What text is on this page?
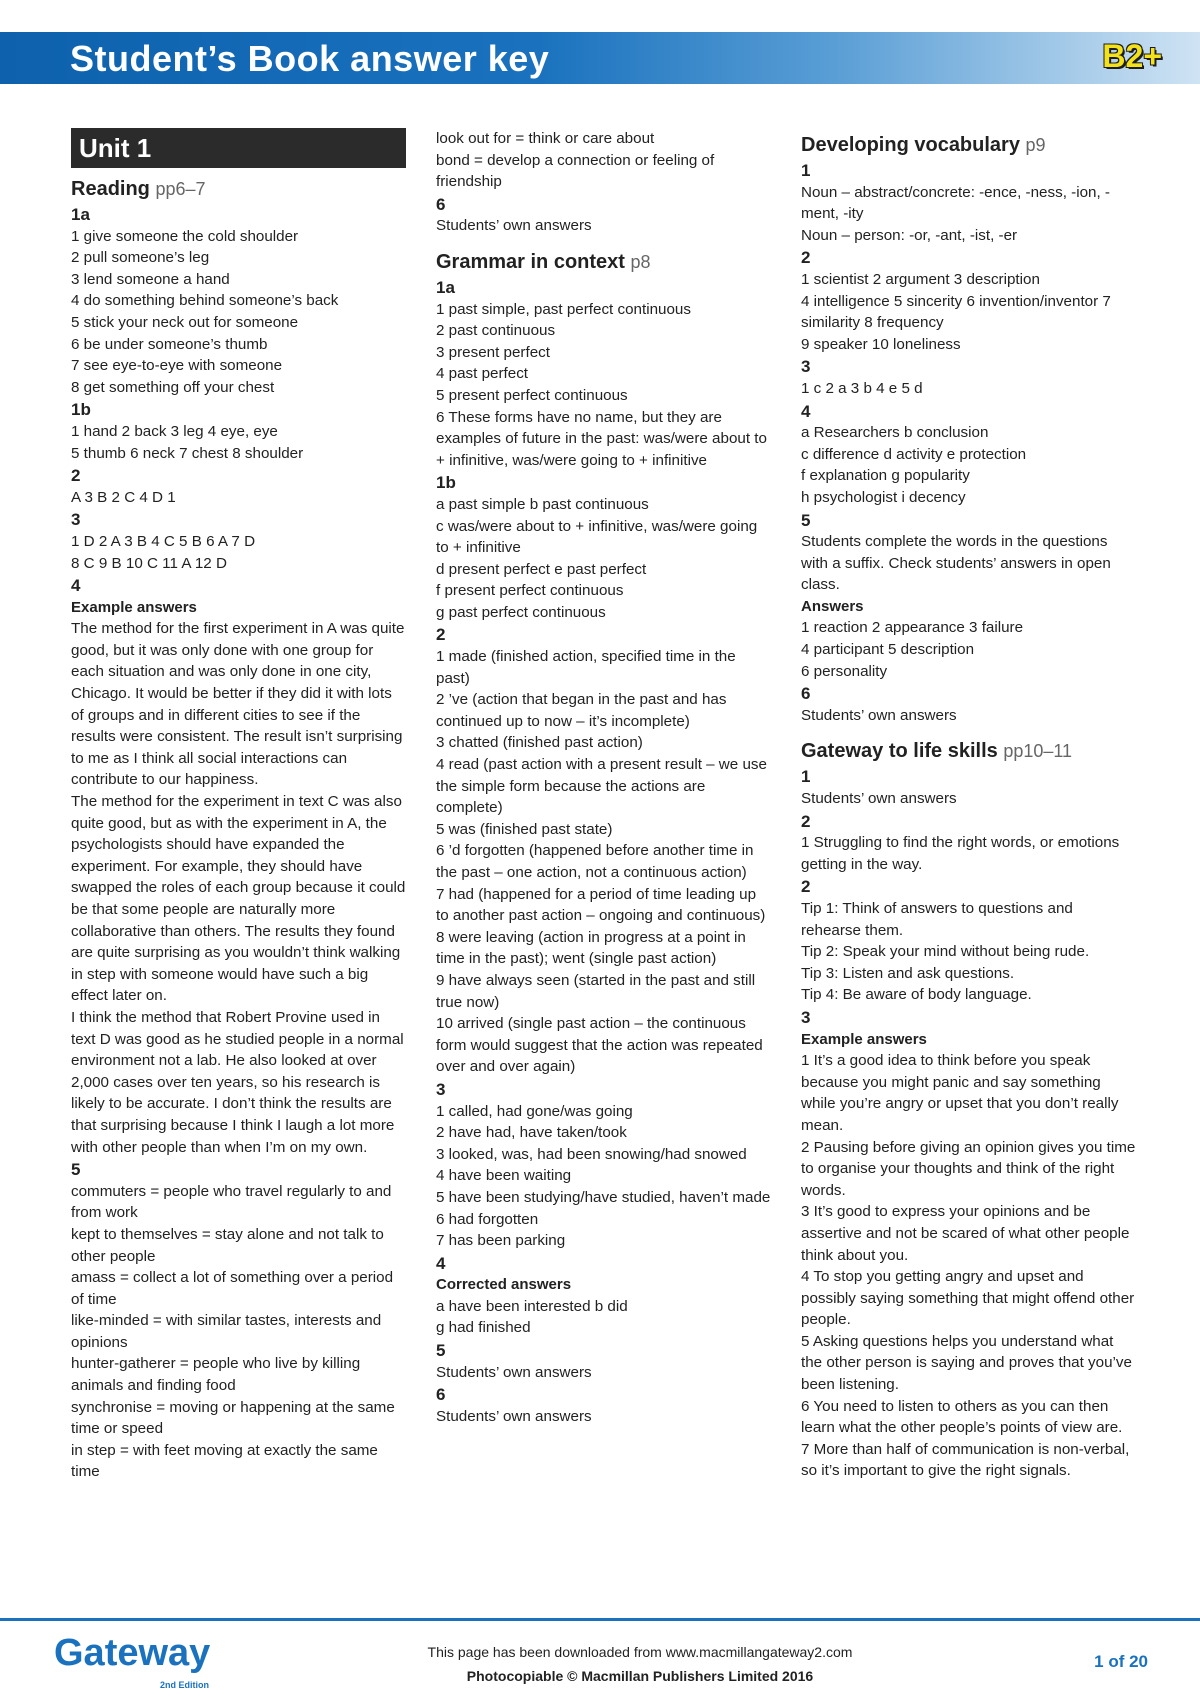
Student’s Book answer key	B2+
Unit 1
Reading pp6–7

1a

1 give someone the cold shoulder

2 pull someone’s leg

3 lend someone a hand

4 do something behind someone’s back

5 stick your neck out for someone

6 be under someone’s thumb

7 see eye-to-eye with someone

8 get something off your chest

1b

1 hand 2 back 3 leg 4 eye, eye

5 thumb 6 neck 7 chest 8 shoulder

2

A 3 B 2 C 4 D 1

3

1 D 2 A 3 B 4 C 5 B 6 A 7 D

8 C 9 B 10 C 11 A 12 D

4

Example answers

The method for the first experiment in A was quite good, but it was only done with one group for each situation and was only done in one city, Chicago. It would be better if they did it with lots of groups and in different cities to see if the results were consistent. The result isn’t surprising to me as I think all social interactions can contribute to our happiness.

The method for the experiment in text C was also quite good, but as with the experiment in A, the psychologists should have expanded the experiment. For example, they should have swapped the roles of each group because it could be that some people are naturally more collaborative than others. The results they found are quite surprising as you wouldn’t think walking in step with someone would have such a big effect later on.

I think the method that Robert Provine used in text D was good as he studied people in a normal environment not a lab. He also looked at over 2,000 cases over ten years, so his research is likely to be accurate. I don’t think the results are that surprising because I think I laugh a lot more with other people than when I’m on my own.

5

commuters = people who travel regularly to and from work

kept to themselves = stay alone and not talk to other people

amass = collect a lot of something over a period of time

like-minded = with similar tastes, interests and opinions

hunter-gatherer = people who live by killing animals and finding food

synchronise = moving or happening at the same time or speed

in step = with feet moving at exactly the same time

look out for = think or care about

bond = develop a connection or feeling of friendship

6

Students’ own answers

Grammar in context p8

1a

1 past simple, past perfect continuous

2 past continuous

3 present perfect

4 past perfect

5 present perfect continuous

6 These forms have no name, but they are examples of future in the past: was/were about to + infinitive, was/were going to + infinitive

1b

a past simple b past continuous

c was/were about to + infinitive, was/were going to + infinitive

d present perfect e past perfect

f present perfect continuous

g past perfect continuous

2

1 made (finished action, specified time in the past)

2 ’ve (action that began in the past and has continued up to now – it’s incomplete)

3 chatted (finished past action)

4 read (past action with a present result – we use the simple form because the actions are complete)

5 was (finished past state)

6 ’d forgotten (happened before another time in the past – one action, not a continuous action)

7 had (happened for a period of time leading up to another past action – ongoing and continuous)

8 were leaving (action in progress at a point in time in the past); went (single past action)

9 have always seen (started in the past and still true now)

10 arrived (single past action – the continuous form would suggest that the action was repeated over and over again)

3

1 called, had gone/was going

2 have had, have taken/took

3 looked, was, had been snowing/had snowed

4 have been waiting

5 have been studying/have studied, haven’t made

6 had forgotten

7 has been parking

4

Corrected answers

a have been interested b did

g had finished

5

Students’ own answers

6

Students’ own answers

Developing vocabulary p9

1

Noun – abstract/concrete: -ence, -ness, -ion, -ment, -ity

Noun – person: -or, -ant, -ist, -er

2

1 scientist 2 argument 3 description

4 intelligence 5 sincerity 6 invention/inventor 7 similarity 8 frequency

9 speaker 10 loneliness

3

1 c 2 a 3 b 4 e 5 d

4

a Researchers b conclusion

c difference d activity e protection

f explanation g popularity

h psychologist i decency

5

Students complete the words in the questions with a suffix. Check students’ answers in open class.

Answers

1 reaction 2 appearance 3 failure

4 participant 5 description

6 personality

6

Students’ own answers

Gateway to life skills pp10–11

1

Students’ own answers

2

1 Struggling to find the right words, or emotions getting in the way.

2

Tip 1: Think of answers to questions and rehearse them.

Tip 2: Speak your mind without being rude.

Tip 3: Listen and ask questions.

Tip 4: Be aware of body language.

3

Example answers

1 It’s a good idea to think before you speak because you might panic and say something while you’re angry or upset that you don’t really mean.

2 Pausing before giving an opinion gives you time to organise your thoughts and think of the right words.

3 It’s good to express your opinions and be assertive and not be scared of what other people think about you.

4 To stop you getting angry and upset and possibly saying something that might offend other people.

5 Asking questions helps you understand what the other person is saying and proves that you’ve been listening.

6 You need to listen to others as you can then learn what the other people’s points of view are.

7 More than half of communication is non-verbal, so it’s important to give the right signals.

Gateway
2nd Edition
This page has been downloaded from www.macmillangateway2.com
Photocopiable © Macmillan Publishers Limited 2016
1 of 20
